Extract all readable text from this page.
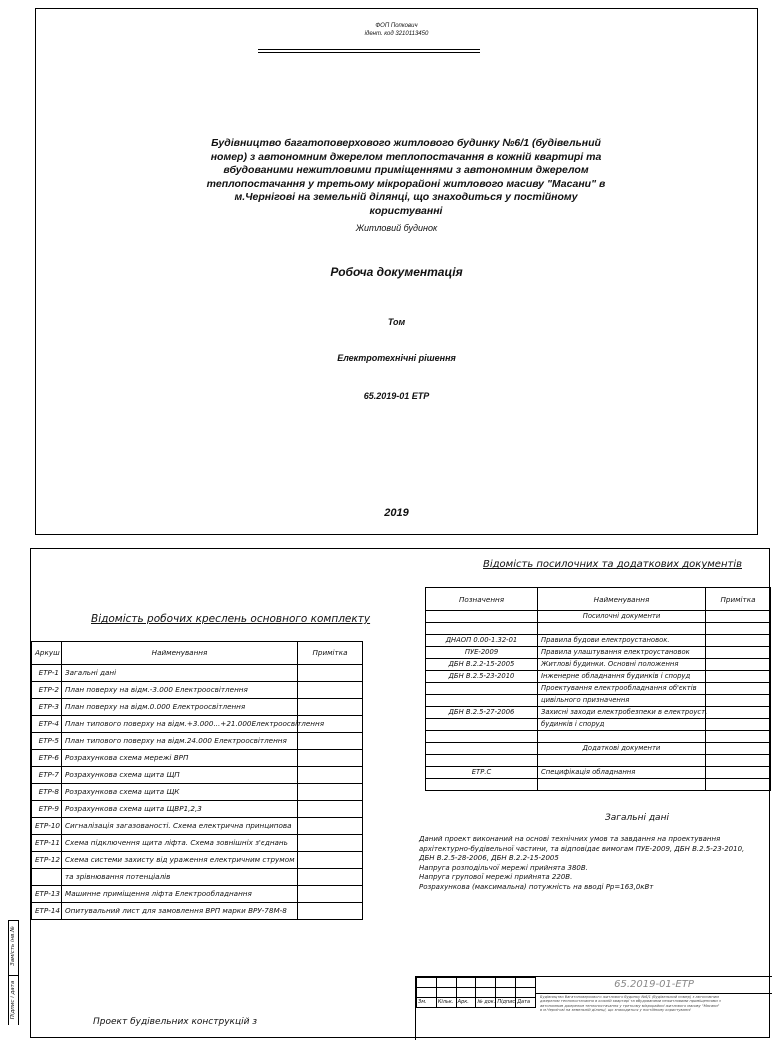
ФОП Попкович
ідент. код 3210113450
Будівництво багатоповерхового житлового будинку №6/1 (будівельний номер) з автономним джерелом теплопостачання в кожній квартирі та вбудованими нежитловими приміщеннями з автономним джерелом теплопостачання у третьому мікрорайоні житлового масиву "Масани" в м.Чернігові на земельній ділянці, що знаходиться у постійному користуванні
Житловий будинок
Робоча документація
Том
Електротехнічні рішення
65.2019-01 ЕТР
2019
Відомість робочих креслень основного комплекту
Аркуш	Найменування	Примітка
ЕТР-1	Загальні дані	
ЕТР-2	План поверху на відм.-3.000 Електроосвітлення	
ЕТР-3	План поверху на відм.0.000 Електроосвітлення	
ЕТР-4	План типового поверху на відм.+3.000...+21.000Електроосвітлення	
ЕТР-5	План типового поверху на відм.24.000 Електроосвітлення	
ЕТР-6	Розрахункова схема мережі ВРП	
ЕТР-7	Розрахункова схема щита ЩП	
ЕТР-8	Розрахункова схема щита ЩК	
ЕТР-9	Розрахункова схема щита ЩВР1,2,3	
ЕТР-10	Сигналізація загазованості. Схема електрична принципова	
ЕТР-11	Схема підключення щита ліфта. Схема зовнішніх з'єднань	
ЕТР-12	Схема системи захисту від ураження електричним струмом	
	та зрівнювання потенціалів	
ЕТР-13	Машинне приміщення ліфта Електрообладнання	
ЕТР-14	Опитувальний лист для замовлення ВРП марки ВРУ-78М-8	
Відомість посилочних та додаткових документів
Позначення	Найменування	Примітка
	Посилочні документи	

ДНАОП 0.00-1.32-01	Правила будови електроустановок.	
ПУЕ-2009	Правила улаштування електроустановок	
ДБН В.2.2-15-2005	Житлові будинки. Основні положення	
ДБН В.2.5-23-2010	Інженерне обладнання будинків і споруд	
	Проектування електрообладнання об'єктів	
	цивільного призначення	
ДБН В.2.5-27-2006	Захисні заходи електробезпеки в електроуст.	
	будинків і споруд	

	Додаткові документи	

ЕТР.С	Специфікація обладнання	

Загальні дані
Даний проект виконаний на основі технічних умов та завдання на проектування
архітектурно-будівельної частини, та відповідає вимогам ПУЕ-2009, ДБН В.2.5-23-2010,
ДБН В.2.5-28-2006, ДБН В.2.2-15-2005
Напруга розподільчої мережі прийнята 380В.
Напруга групової мережі прийнята 220В.
Розрахункова (максимальна) потужність на вводі Рр=163,0кВт
Проект будівельних конструкцій з

Зм.	Кільк.	Арк.	№ док.	Підпис	Дата
65.2019-01-ЕТР
Будівництво багатоповерхового житлового будинку №6/1 (будівельний номер) з автономним
джерелом теплопостачання в кожній квартирі та вбудованими нежитловими приміщеннями з
автономним джерелом теплопостачання у третьому мікрорайоні житлового масиву "Масани"
в м.Чернігові на земельній ділянці, що знаходиться у постійному користуванні
Замість інв.№
Підпис і дата
